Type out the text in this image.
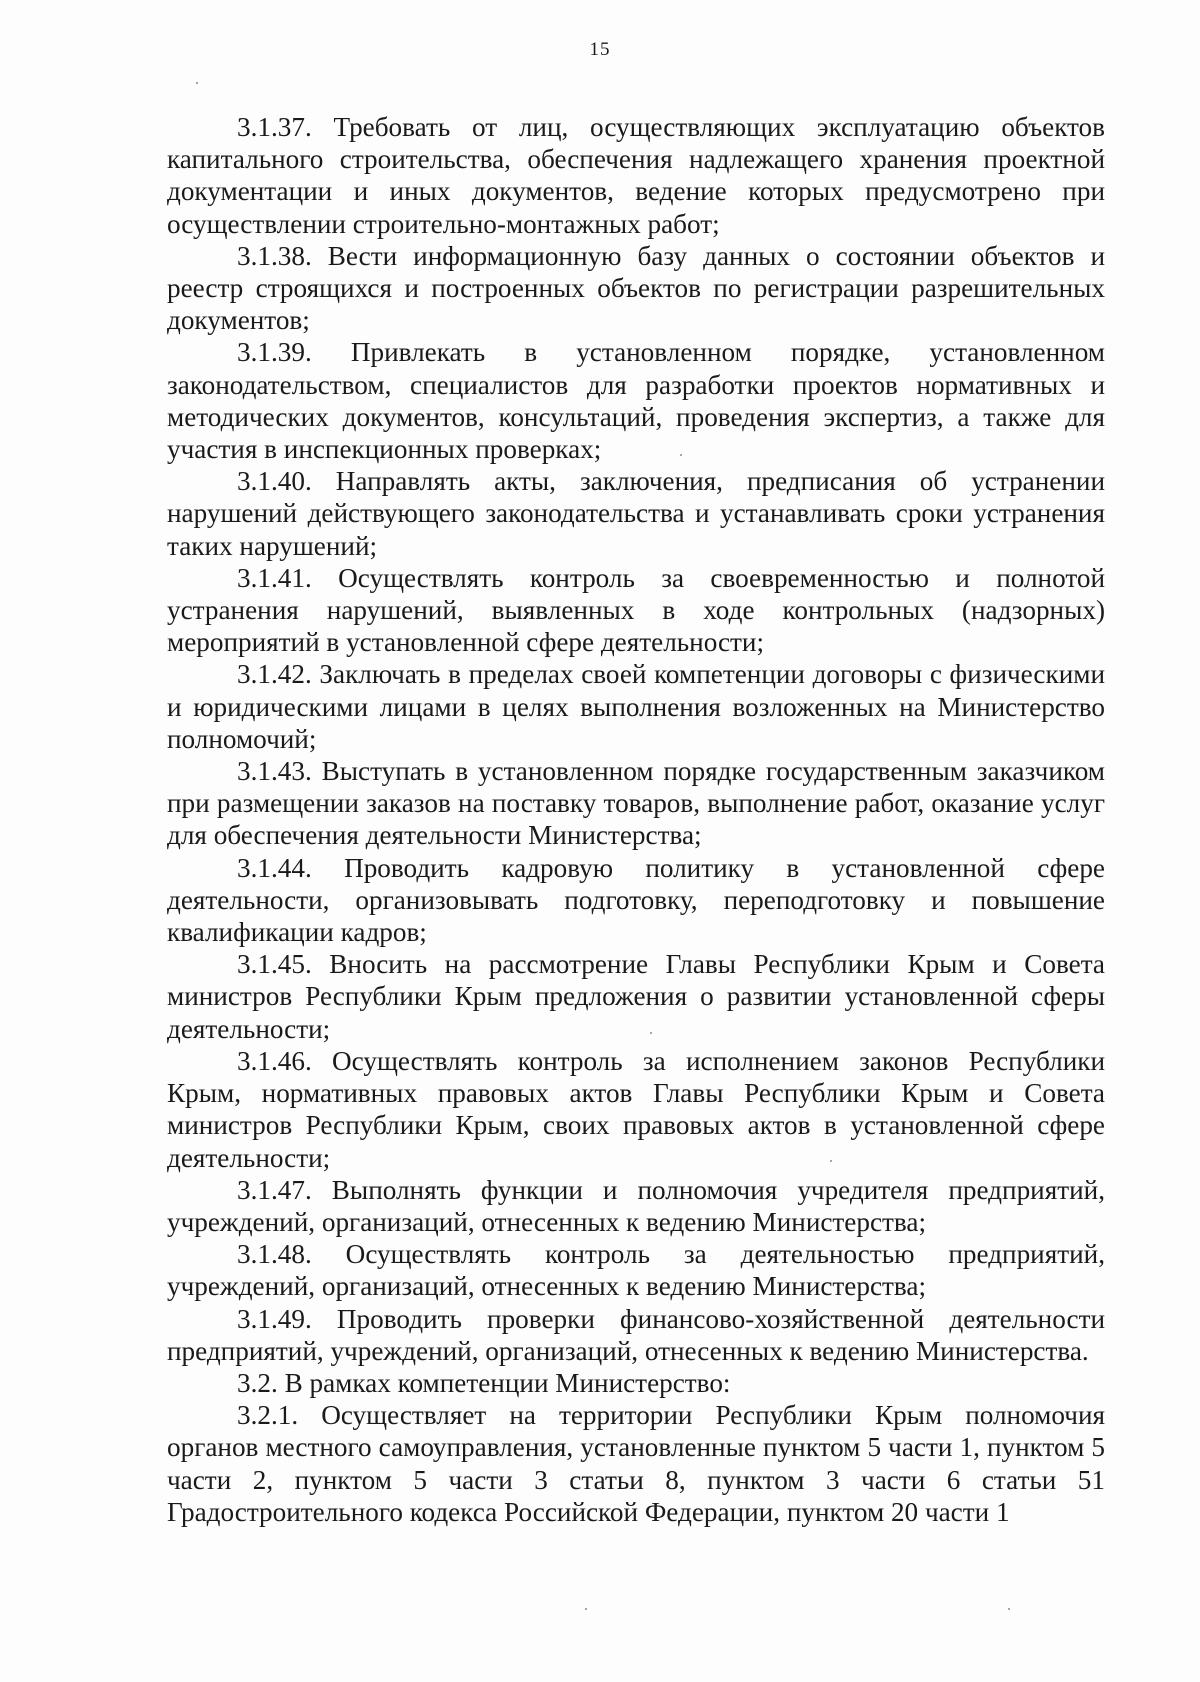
15

3.1.37. Требовать от лиц, осуществляющих эксплуатацию объектов капитального строительства, обеспечения надлежащего хранения проектной документации и иных документов, ведение которых предусмотрено при осуществлении строительно-монтажных работ;

3.1.38. Вести информационную базу данных о состоянии объектов и реестр строящихся и построенных объектов по регистрации разрешительных документов;

3.1.39. Привлекать в установленном порядке, установленном законодательством, специалистов для разработки проектов нормативных и методических документов, консультаций, проведения экспертиз, а также для участия в инспекционных проверках;

3.1.40. Направлять акты, заключения, предписания об устранении нарушений действующего законодательства и устанавливать сроки устранения таких нарушений;

3.1.41. Осуществлять контроль за своевременностью и полнотой устранения нарушений, выявленных в ходе контрольных (надзорных) мероприятий в установленной сфере деятельности;

3.1.42. Заключать в пределах своей компетенции договоры с физическими и юридическими лицами в целях выполнения возложенных на Министерство полномочий;

3.1.43. Выступать в установленном порядке государственным заказчиком при размещении заказов на поставку товаров, выполнение работ, оказание услуг для обеспечения деятельности Министерства;

3.1.44. Проводить кадровую политику в установленной сфере деятельности, организовывать подготовку, переподготовку и повышение квалификации кадров;

3.1.45. Вносить на рассмотрение Главы Республики Крым и Совета министров Республики Крым предложения о развитии установленной сферы деятельности;

3.1.46. Осуществлять контроль за исполнением законов Республики Крым, нормативных правовых актов Главы Республики Крым и Совета министров Республики Крым, своих правовых актов в установленной сфере деятельности;

3.1.47. Выполнять функции и полномочия учредителя предприятий, учреждений, организаций, отнесенных к ведению Министерства;

3.1.48. Осуществлять контроль за деятельностью предприятий, учреждений, организаций, отнесенных к ведению Министерства;

3.1.49. Проводить проверки финансово-хозяйственной деятельности предприятий, учреждений, организаций, отнесенных к ведению Министерства.

3.2. В рамках компетенции Министерство:

3.2.1. Осуществляет на территории Республики Крым полномочия органов местного самоуправления, установленные пунктом 5 части 1, пунктом 5 части 2, пунктом 5 части 3 статьи 8, пунктом 3 части 6 статьи 51 Градостроительного кодекса Российской Федерации, пунктом 20 части 1
